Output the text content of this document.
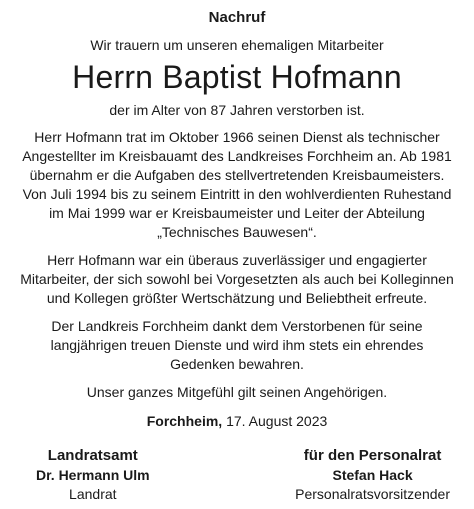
Nachruf
Wir trauern um unseren ehemaligen Mitarbeiter
Herrn Baptist Hofmann
der im Alter von 87 Jahren verstorben ist.

Herr Hofmann trat im Oktober 1966 seinen Dienst als technischer Angestellter im Kreisbauamt des Landkreises Forchheim an. Ab 1981 übernahm er die Aufgaben des stellvertretenden Kreisbaumeisters. Von Juli 1994 bis zu seinem Eintritt in den wohlverdienten Ruhestand im Mai 1999 war er Kreisbaumeister und Leiter der Abteilung „Technisches Bauwesen“.

Herr Hofmann war ein überaus zuverlässiger und engagierter Mitarbeiter, der sich sowohl bei Vorgesetzten als auch bei Kolleginnen und Kollegen größter Wertschätzung und Beliebtheit erfreute.

Der Landkreis Forchheim dankt dem Verstorbenen für seine langjährigen treuen Dienste und wird ihm stets ein ehrendes Gedenken bewahren.

Unser ganzes Mitgefühl gilt seinen Angehörigen.

Forchheim, 17. August 2023
Landratsamt
Dr. Hermann Ulm
Landrat
für den Personalrat
Stefan Hack
Personalratsvorsitzender
